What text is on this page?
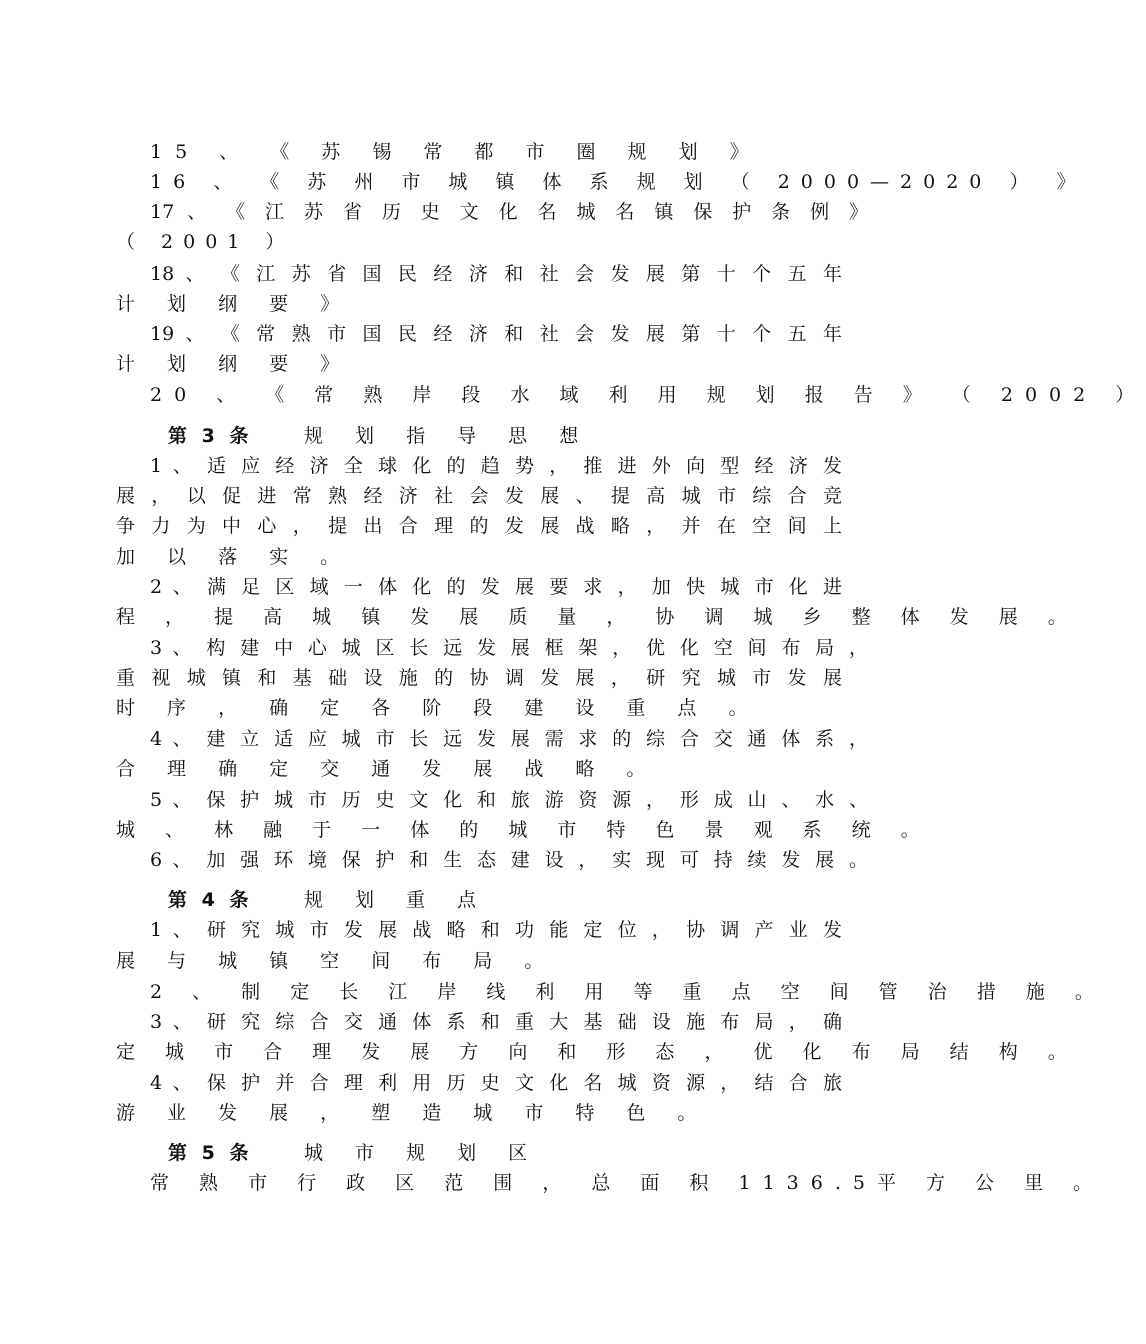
15 、 《 苏 锡 常 都 市 圈 规 划 》
16 、 《 苏 州 市 城 镇 体 系 规 划 （ 2000—2020 ） 》
17 、 《 江 苏 省 历 史 文 化 名 城 名 镇 保 护 条 例 》
（ 2001 ）
18 、 《 江 苏 省 国 民 经 济 和 社 会 发 展 第 十 个 五 年
计 划 纲 要 》
19 、 《 常 熟 市 国 民 经 济 和 社 会 发 展 第 十 个 五 年
计 划 纲 要 》
20 、 《 常 熟 岸 段 水 域 利 用 规 划 报 告 》 （ 2002 ）
第 3 条	规 划 指 导 思 想
1 、 适 应 经 济 全 球 化 的 趋 势 ， 推 进 外 向 型 经 济 发
展 ， 以 促 进 常 熟 经 济 社 会 发 展 、 提 高 城 市 综 合 竞
争 力 为 中 心 ， 提 出 合 理 的 发 展 战 略 ， 并 在 空 间 上
加 以 落 实 。
2 、 满 足 区 域 一 体 化 的 发 展 要 求 ， 加 快 城 市 化 进
程 ， 提 高 城 镇 发 展 质 量 ， 协 调 城 乡 整 体 发 展 。
3 、 构 建 中 心 城 区 长 远 发 展 框 架 ， 优 化 空 间 布 局 ，
重 视 城 镇 和 基 础 设 施 的 协 调 发 展 ， 研 究 城 市 发 展
时 序 ， 确 定 各 阶 段 建 设 重 点 。
4 、 建 立 适 应 城 市 长 远 发 展 需 求 的 综 合 交 通 体 系 ，
合 理 确 定 交 通 发 展 战 略 。
5 、 保 护 城 市 历 史 文 化 和 旅 游 资 源 ， 形 成 山 、 水 、
城 、 林 融 于 一 体 的 城 市 特 色 景 观 系 统 。
6 、 加 强 环 境 保 护 和 生 态 建 设 ， 实 现 可 持 续 发 展 。
第 4 条	规 划 重 点
1 、 研 究 城 市 发 展 战 略 和 功 能 定 位 ， 协 调 产 业 发
展 与 城 镇 空 间 布 局 。
2 、 制 定 长 江 岸 线 利 用 等 重 点 空 间 管 治 措 施 。
3 、 研 究 综 合 交 通 体 系 和 重 大 基 础 设 施 布 局 ， 确
定 城 市 合 理 发 展 方 向 和 形 态 ， 优 化 布 局 结 构 。
4 、 保 护 并 合 理 利 用 历 史 文 化 名 城 资 源 ， 结 合 旅
游 业 发 展 ， 塑 造 城 市 特 色 。
第 5 条	城 市 规 划 区
常 熟 市 行 政 区 范 围 ， 总 面 积 1136.5平 方 公 里 。
